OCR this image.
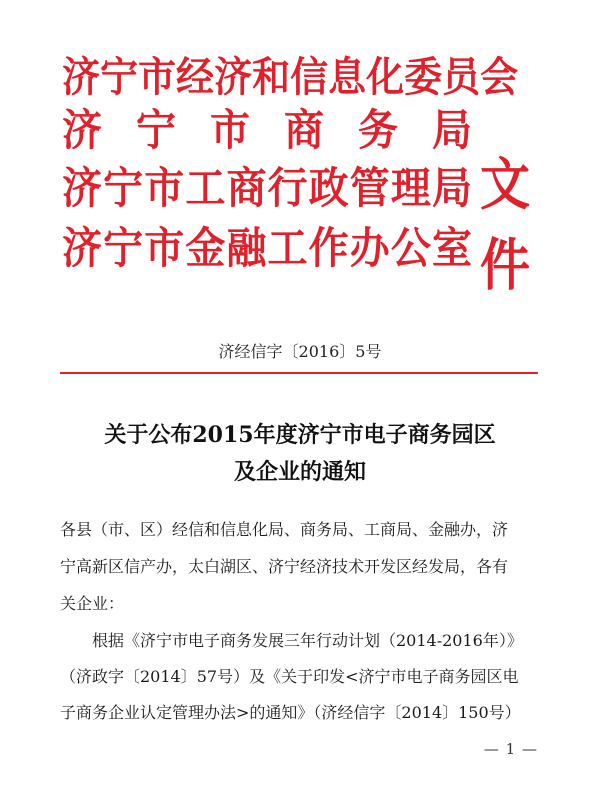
济 宁 市 经 济 和 信 息 化 委 员 会
济 宁 市 商 务 局
济 宁 市 工 商 行 政 管 理 局
济 宁 市 金 融 工 作 办 公 室
文件
济经信字〔2016〕5号
关于公布2015年度济宁市电子商务园区
及企业的通知
各县（市、区）经信和信息化局、商务局、工商局、金融办，济
宁高新区信产办，太白湖区、济宁经济技术开发区经发局，各有
关企业：
　　根据《济宁市电子商务发展三年行动计划（2014-2016年）》
（济政字〔2014〕57号）及《关于印发<济宁市电子商务园区电
子商务企业认定管理办法>的通知》（济经信字〔2014〕150号）
— 1 —
